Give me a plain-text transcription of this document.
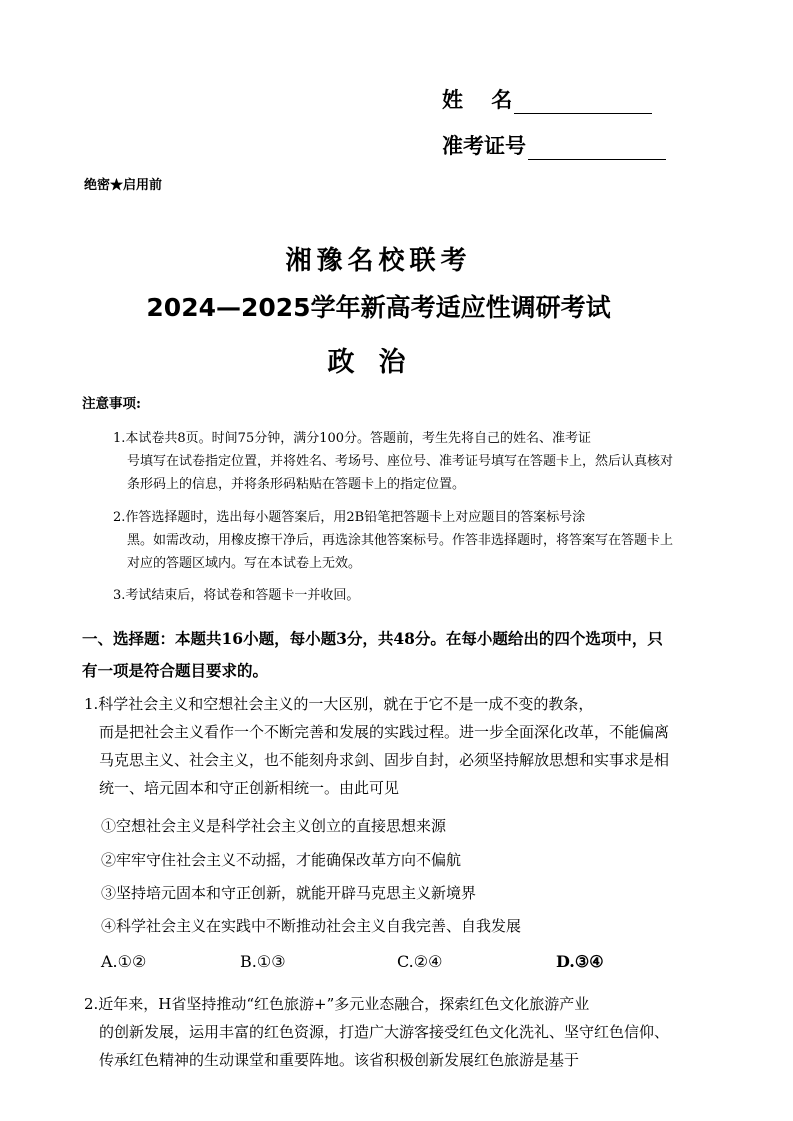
姓　 名
准考证号
绝密★启用前
湘豫名校联考
2024—2025学年新高考适应性调研考试
政治
注意事项:
1.本试卷共8页。时间75分钟，满分100分。答题前，考生先将自己的姓名、准考证
号填写在试卷指定位置，并将姓名、考场号、座位号、准考证号填写在答题卡上，然后认真核对条形码上的信息，并将条形码粘贴在答题卡上的指定位置。
2.作答选择题时，选出每小题答案后，用2B铅笔把答题卡上对应题目的答案标号涂
黑。如需改动，用橡皮擦干净后，再选涂其他答案标号。作答非选择题时，将答案写在答题卡上对应的答题区域内。写在本试卷上无效。
3.考试结束后，将试卷和答题卡一并收回。
一、选择题：本题共16小题，每小题3分，共48分。在每小题给出的四个选项中，只有一项是符合题目要求的。
1.科学社会主义和空想社会主义的一大区别，就在于它不是一成不变的教条，
而是把社会主义看作一个不断完善和发展的实践过程。进一步全面深化改革，不能偏离马克思主义、社会主义，也不能刻舟求剑、固步自封，必须坚持解放思想和实事求是相统一、培元固本和守正创新相统一。由此可见
①空想社会主义是科学社会主义创立的直接思想来源
②牢牢守住社会主义不动摇，才能确保改革方向不偏航
③坚持培元固本和守正创新，就能开辟马克思主义新境界
④科学社会主义在实践中不断推动社会主义自我完善、自我发展
A.①②	B.①③	C.②④	D.③④
2.近年来，H省坚持推动“红色旅游+”多元业态融合，探索红色文化旅游产业
的创新发展，运用丰富的红色资源，打造广大游客接受红色文化洗礼、坚守红色信仰、传承红色精神的生动课堂和重要阵地。该省积极创新发展红色旅游是基于
